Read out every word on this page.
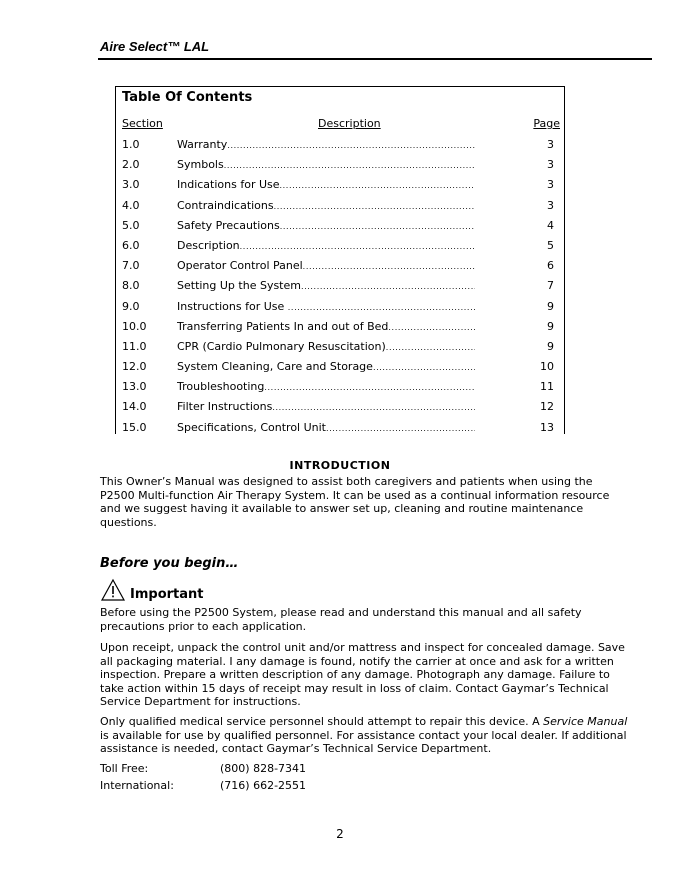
Aire Select™ LAL
Table Of Contents
Section	Description	Page
1.0	Warranty .....	3
2.0	Symbols .....	3
3.0	Indications for Use .....	3
4.0	Contraindications .....	3
5.0	Safety Precautions .....	4
6.0	Description .....	5
7.0	Operator Control Panel .....	6
8.0	Setting Up the System .....	7
9.0	Instructions for Use .....	9
10.0	Transferring Patients In and out of Bed .....	9
11.0	CPR (Cardio Pulmonary Resuscitation) .....	9
12.0	System Cleaning, Care and Storage .....	10
13.0	Troubleshooting .....	11
14.0	Filter Instructions .....	12
15.0	Specifications, Control Unit .....	13
INTRODUCTION
This Owner’s Manual was designed to assist both caregivers and patients when using the P2500 Multi-function Air Therapy System. It can be used as a continual information resource and we suggest having it available to answer set up, cleaning and routine maintenance questions.
Before you begin…
Important
Before using the P2500 System, please read and understand this manual and all safety precautions prior to each application.
Upon receipt, unpack the control unit and/or mattress and inspect for concealed damage. Save all packaging material. I any damage is found, notify the carrier at once and ask for a written inspection. Prepare a written description of any damage. Photograph any damage. Failure to take action within 15 days of receipt may result in loss of claim. Contact Gaymar’s Technical Service Department for instructions.
Only qualified medical service personnel should attempt to repair this device. A Service Manual is available for use by qualified personnel. For assistance contact your local dealer. If additional assistance is needed, contact Gaymar’s Technical Service Department.
Toll Free:	(800) 828-7341
International:	(716) 662-2551
2
